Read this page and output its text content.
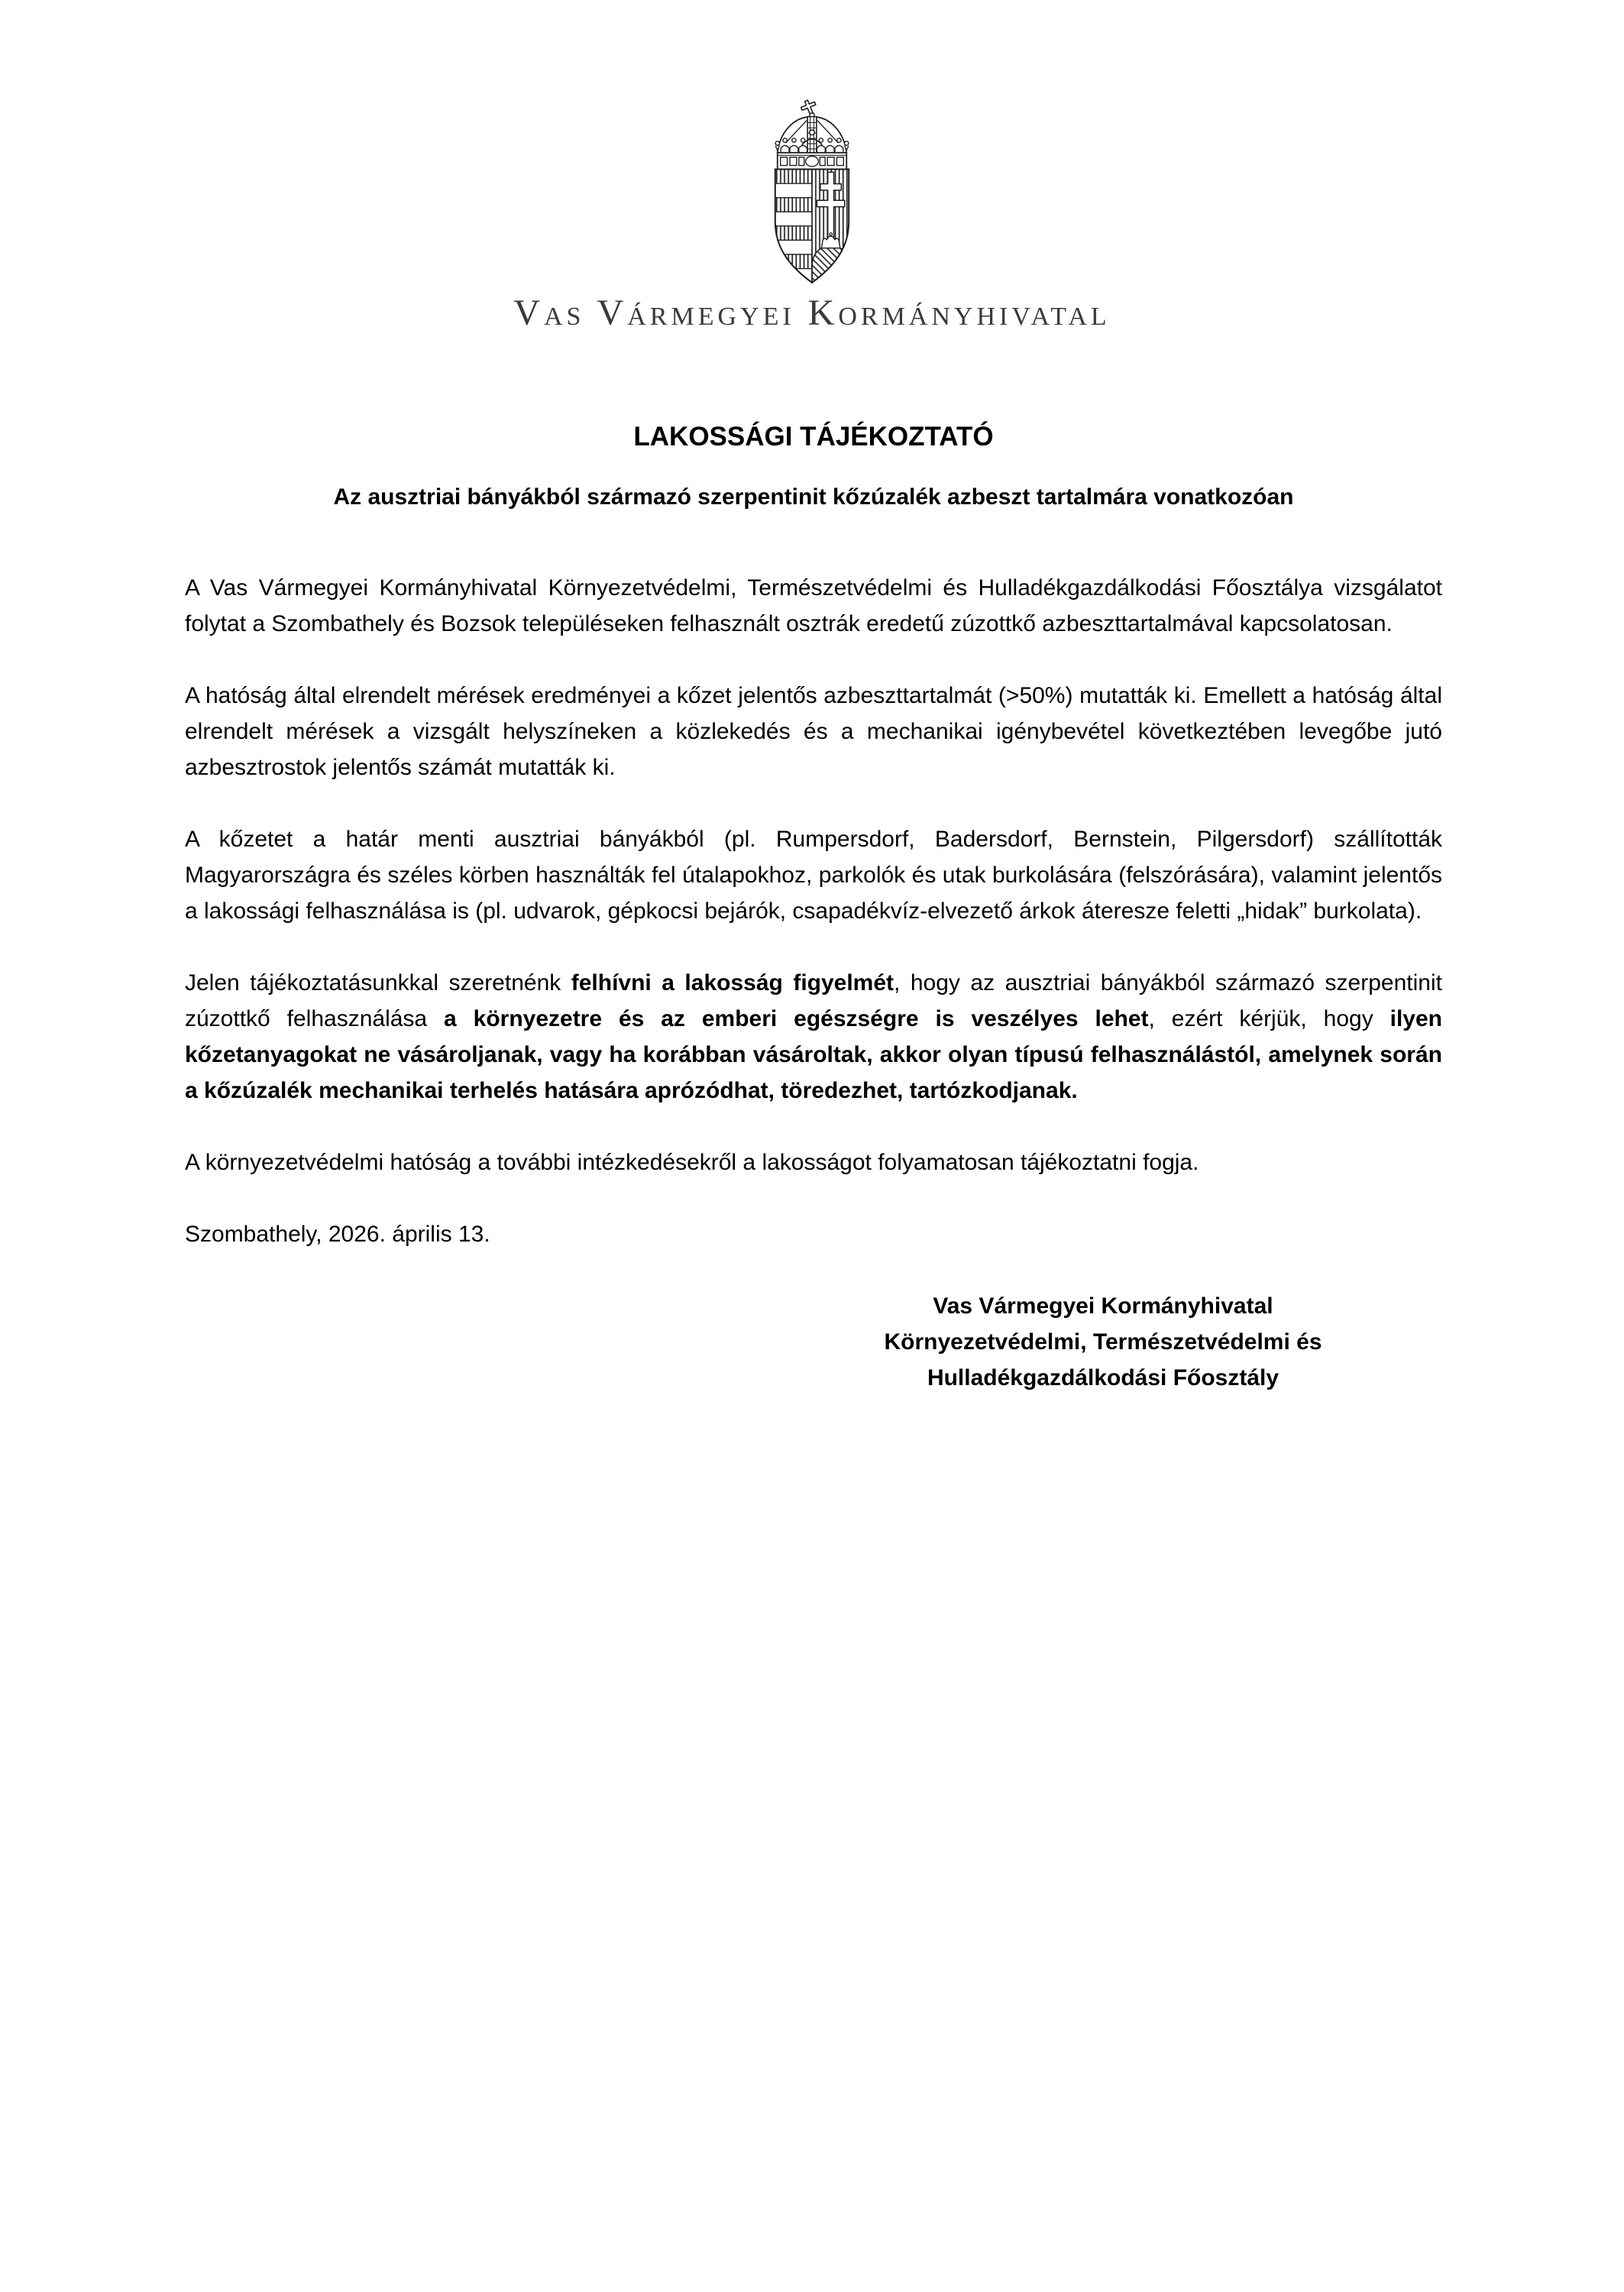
Vas Vármegyei Kormányhivatal
LAKOSSÁGI TÁJÉKOZTATÓ
Az ausztriai bányákból származó szerpentinit kőzúzalék azbeszt tartalmára vonatkozóan

A Vas Vármegyei Kormányhivatal Környezetvédelmi, Természetvédelmi és Hulladékgazdálkodási Főosztálya vizsgálatot folytat a Szombathely és Bozsok településeken felhasznált osztrák eredetű zúzottkő azbeszttartalmával kapcsolatosan.

A hatóság által elrendelt mérések eredményei a kőzet jelentős azbeszttartalmát (>50%) mutatták ki. Emellett a hatóság által elrendelt mérések a vizsgált helyszíneken a közlekedés és a mechanikai igénybevétel következtében levegőbe jutó azbesztrostok jelentős számát mutatták ki.

A kőzetet a határ menti ausztriai bányákból (pl. Rumpersdorf, Badersdorf, Bernstein, Pilgersdorf) szállították Magyarországra és széles körben használták fel útalapokhoz, parkolók és utak burkolására (felszórására), valamint jelentős a lakossági felhasználása is (pl. udvarok, gépkocsi bejárók, csapadékvíz-elvezető árkok áteresze feletti „hidak” burkolata).

Jelen tájékoztatásunkkal szeretnénk felhívni a lakosság figyelmét, hogy az ausztriai bányákból származó szerpentinit zúzottkő felhasználása a környezetre és az emberi egészségre is veszélyes lehet, ezért kérjük, hogy ilyen kőzetanyagokat ne vásároljanak, vagy ha korábban vásároltak, akkor olyan típusú felhasználástól, amelynek során a kőzúzalék mechanikai terhelés hatására aprózódhat, töredezhet, tartózkodjanak.

A környezetvédelmi hatóság a további intézkedésekről a lakosságot folyamatosan tájékoztatni fogja.

Szombathely, 2026. április 13.

Vas Vármegyei Kormányhivatal
Környezetvédelmi, Természetvédelmi és
Hulladékgazdálkodási Főosztály
